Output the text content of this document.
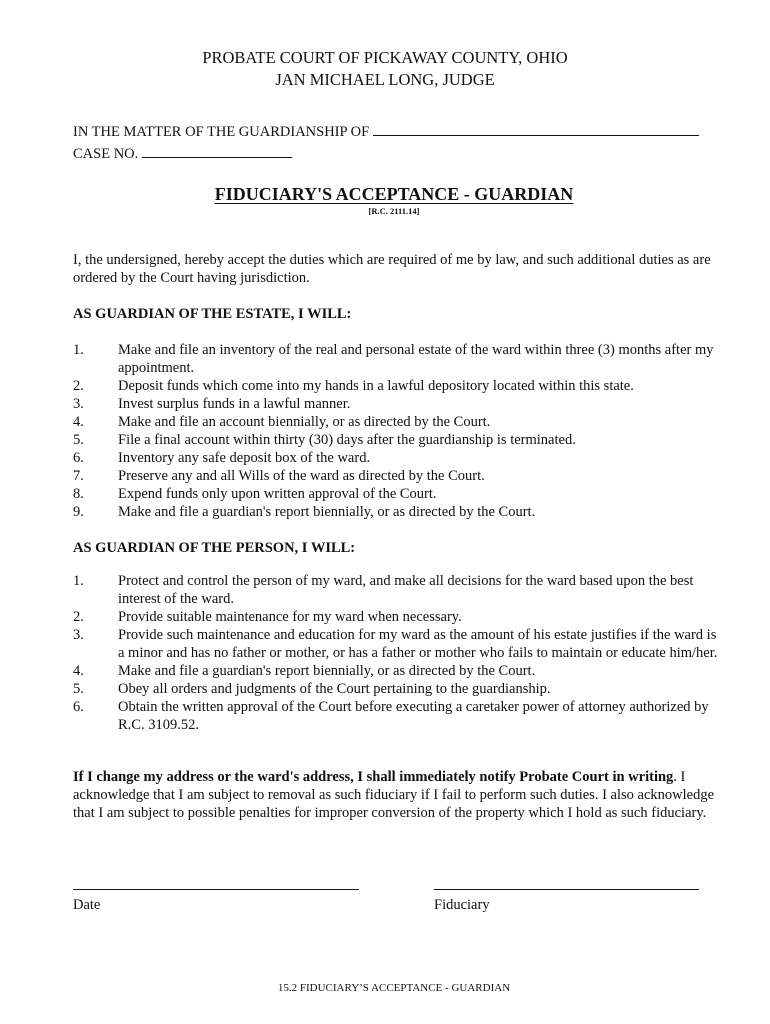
PROBATE COURT OF PICKAWAY COUNTY, OHIO
JAN MICHAEL LONG, JUDGE
IN THE MATTER OF THE GUARDIANSHIP OF
CASE NO.
FIDUCIARY'S ACCEPTANCE - GUARDIAN
[R.C. 2111.14]
I, the undersigned, hereby accept the duties which are required of me by law, and such additional duties as are ordered by the Court having jurisdiction.
AS GUARDIAN OF THE ESTATE, I WILL:
1. Make and file an inventory of the real and personal estate of the ward within three (3) months after my appointment.
2. Deposit funds which come into my hands in a lawful depository located within this state.
3. Invest surplus funds in a lawful manner.
4. Make and file an account biennially, or as directed by the Court.
5. File a final account within thirty (30) days after the guardianship is terminated.
6. Inventory any safe deposit box of the ward.
7. Preserve any and all Wills of the ward as directed by the Court.
8. Expend funds only upon written approval of the Court.
9. Make and file a guardian's report biennially, or as directed by the Court.
AS GUARDIAN OF THE PERSON, I WILL:
1. Protect and control the person of my ward, and make all decisions for the ward based upon the best interest of the ward.
2. Provide suitable maintenance for my ward when necessary.
3. Provide such maintenance and education for my ward as the amount of his estate justifies if the ward is a minor and has no father or mother, or has a father or mother who fails to maintain or educate him/her.
4. Make and file a guardian's report biennially, or as directed by the Court.
5. Obey all orders and judgments of the Court pertaining to the guardianship.
6. Obtain the written approval of the Court before executing a caretaker power of attorney authorized by R.C. 3109.52.
If I change my address or the ward's address, I shall immediately notify Probate Court in writing. I acknowledge that I am subject to removal as such fiduciary if I fail to perform such duties. I also acknowledge that I am subject to possible penalties for improper conversion of the property which I hold as such fiduciary.
Date	Fiduciary
15.2 FIDUCIARY’S ACCEPTANCE - GUARDIAN
